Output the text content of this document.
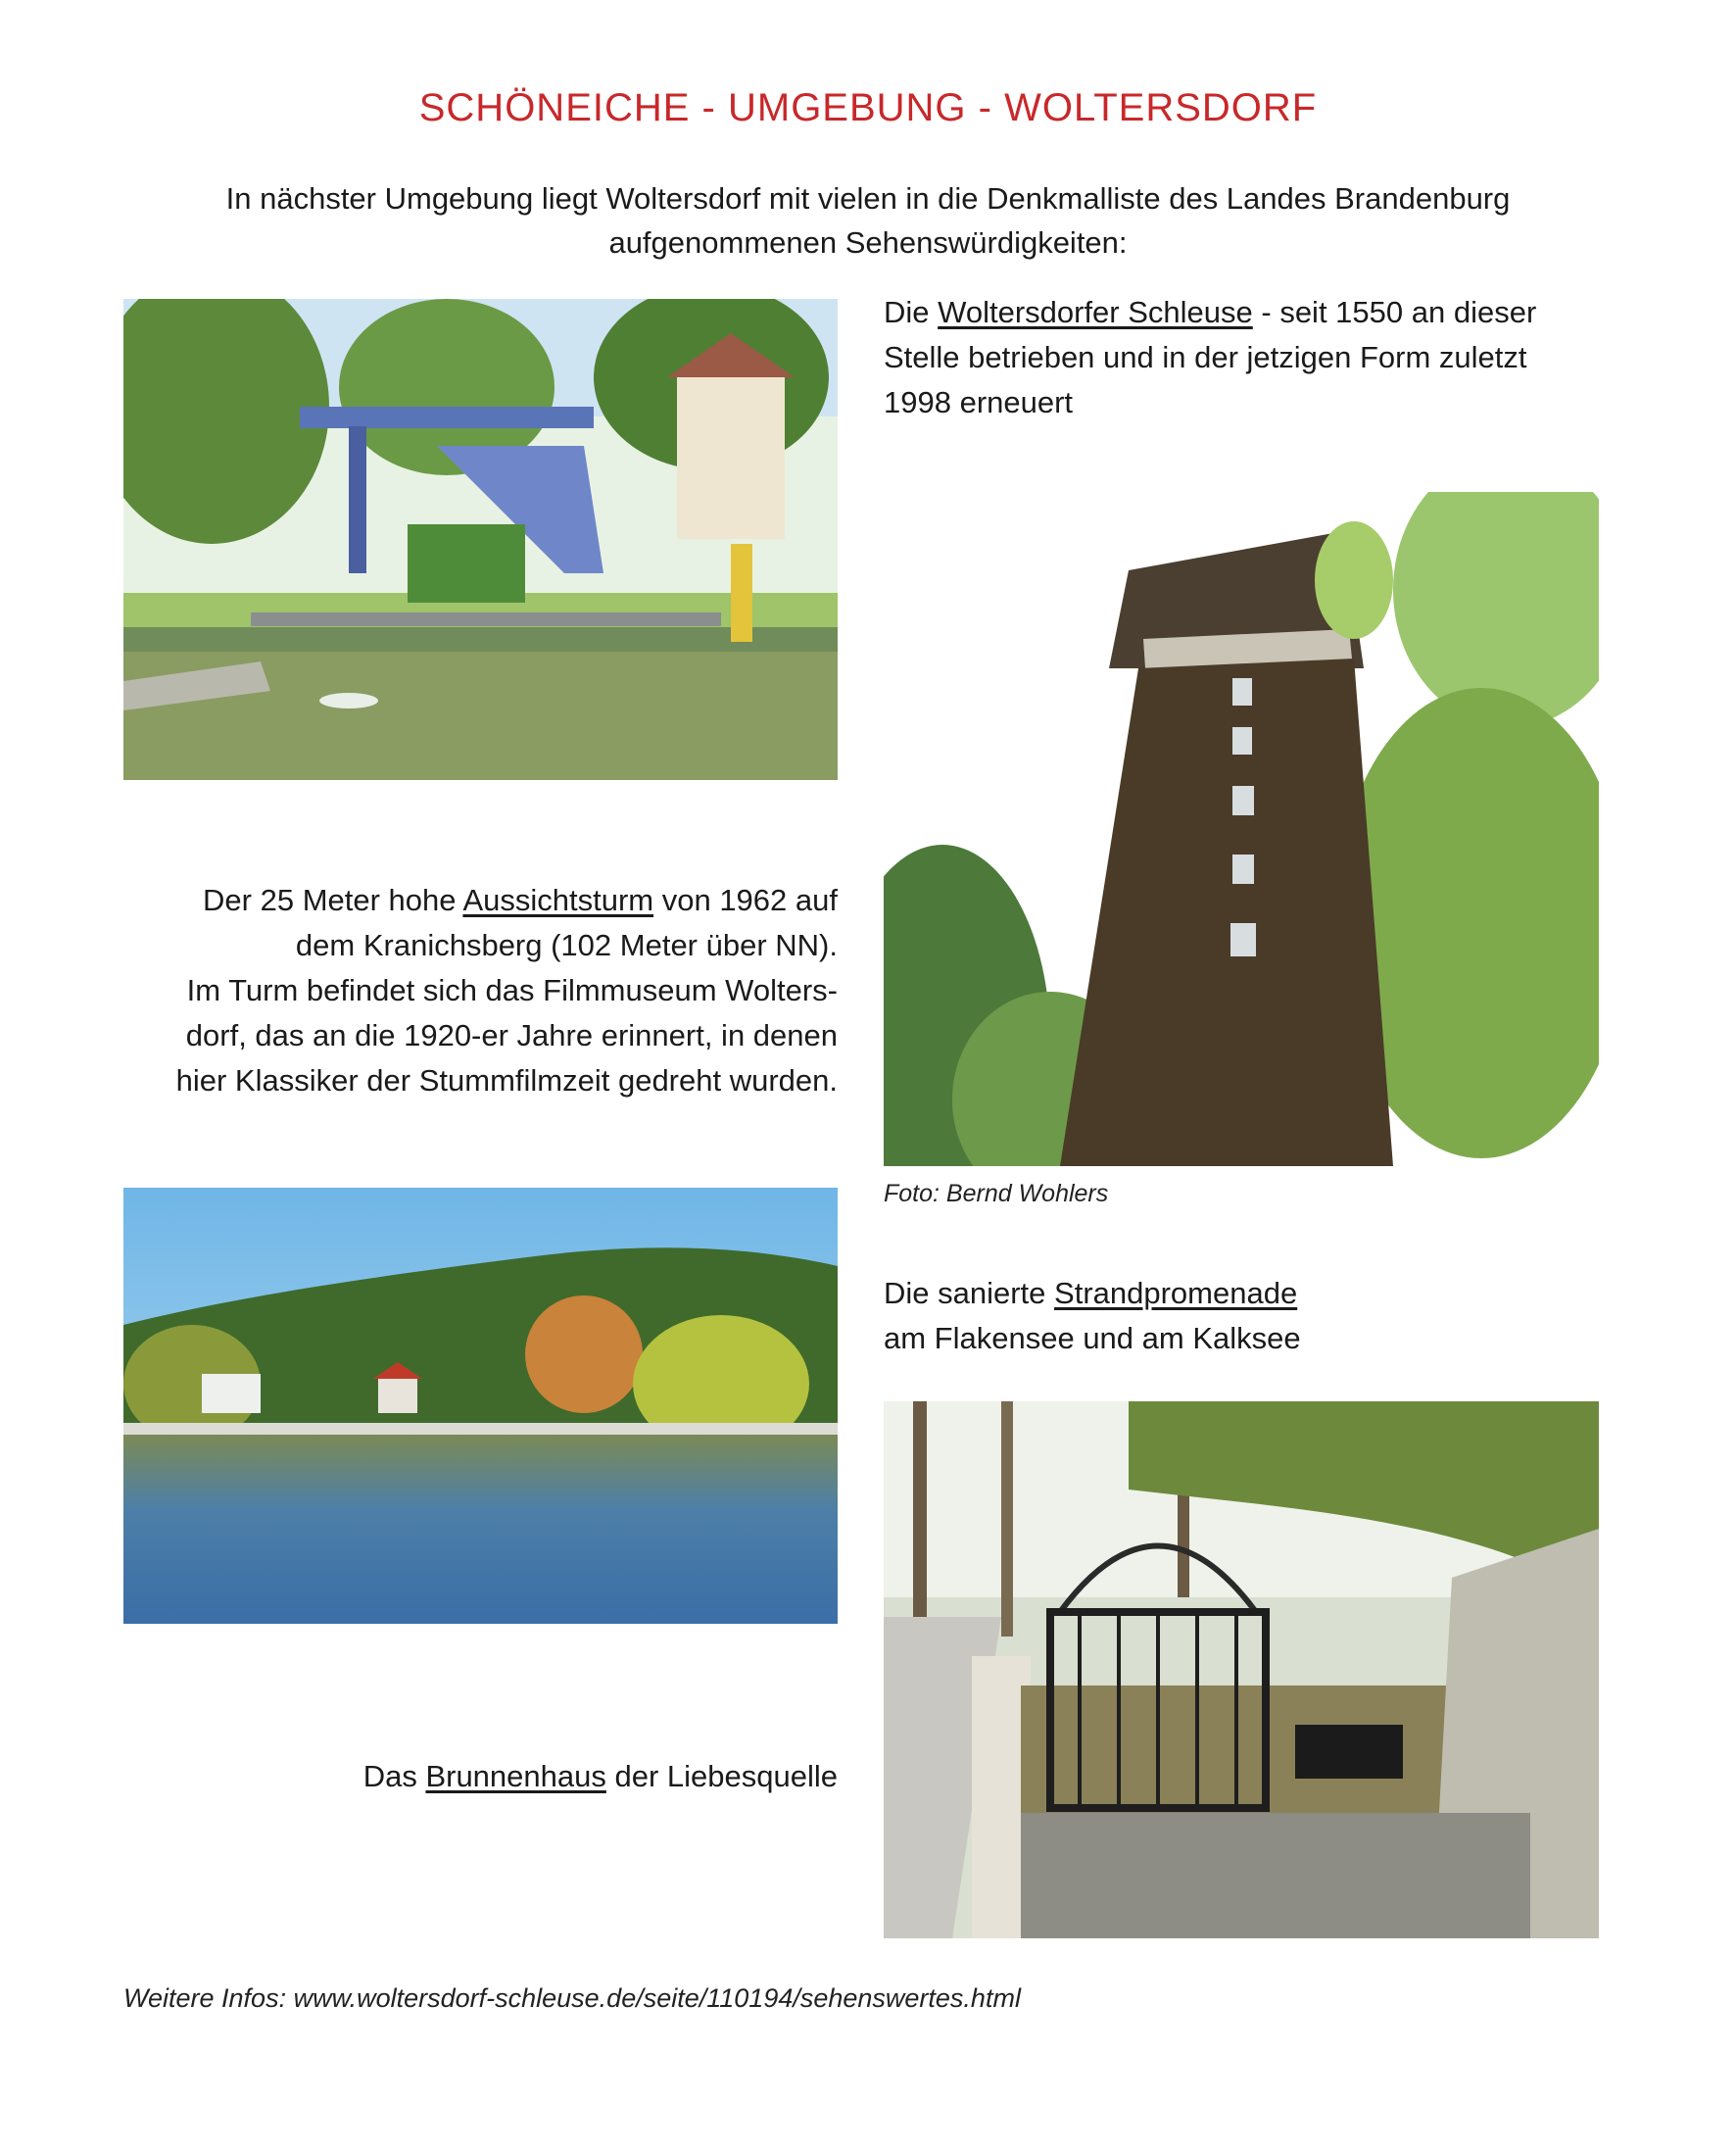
SCHÖNEICHE - UMGEBUNG - WOLTERSDORF
In nächster Umgebung liegt Woltersdorf mit vielen in die Denkmalliste des Landes Brandenburg
aufgenommenen Sehenswürdigkeiten:
Die Woltersdorfer Schleuse - seit 1550 an dieser
Stelle betrieben und in der jetzigen Form zuletzt
1998 erneuert
Der 25 Meter hohe Aussichtsturm von 1962 auf
dem Kranichsberg (102 Meter über NN).
Im Turm befindet sich das Filmmuseum Wolters-
dorf, das an die 1920-er Jahre erinnert, in denen
hier Klassiker der Stummfilmzeit gedreht wurden.
Foto: Bernd Wohlers
Die sanierte Strandpromenade
am Flakensee und am Kalksee
Das Brunnenhaus der Liebesquelle
Weitere Infos: www.woltersdorf-schleuse.de/seite/110194/sehenswertes.html
